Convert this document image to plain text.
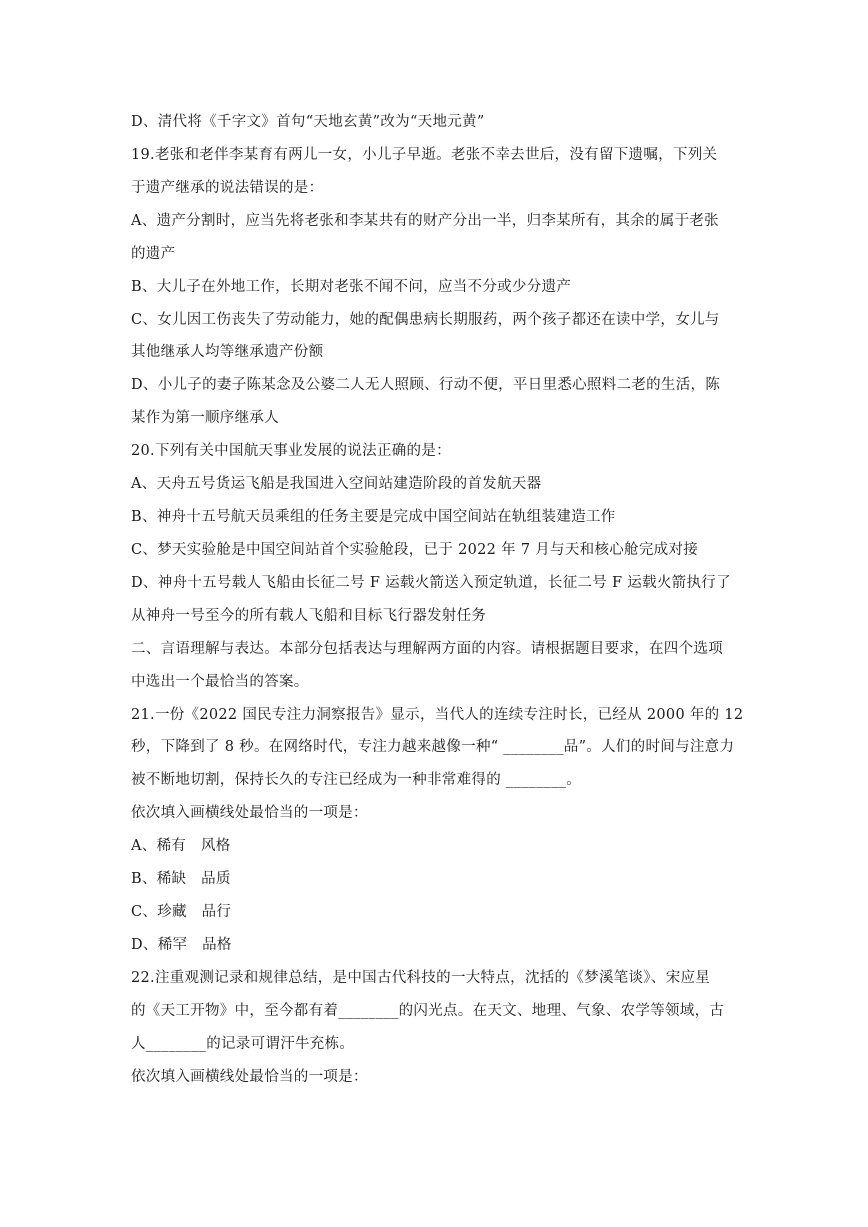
D、清代将《千字文》首句“天地玄黄”改为“天地元黄”
19.老张和老伴李某育有两儿一女，小儿子早逝。老张不幸去世后，没有留下遗嘱，下列关
于遗产继承的说法错误的是：
A、遗产分割时，应当先将老张和李某共有的财产分出一半，归李某所有，其余的属于老张
的遗产
B、大儿子在外地工作，长期对老张不闻不问，应当不分或少分遗产
C、女儿因工伤丧失了劳动能力，她的配偶患病长期服药，两个孩子都还在读中学，女儿与
其他继承人均等继承遗产份额
D、小儿子的妻子陈某念及公婆二人无人照顾、行动不便，平日里悉心照料二老的生活，陈
某作为第一顺序继承人
20.下列有关中国航天事业发展的说法正确的是：
A、天舟五号货运飞船是我国进入空间站建造阶段的首发航天器
B、神舟十五号航天员乘组的任务主要是完成中国空间站在轨组装建造工作
C、梦天实验舱是中国空间站首个实验舱段，已于 2022 年 7 月与天和核心舱完成对接
D、神舟十五号载人飞船由长征二号 F 运载火箭送入预定轨道，长征二号 F 运载火箭执行了
从神舟一号至今的所有载人飞船和目标飞行器发射任务
二、言语理解与表达。本部分包括表达与理解两方面的内容。请根据题目要求，在四个选项
中选出一个最恰当的答案。
21.一份《2022 国民专注力洞察报告》显示，当代人的连续专注时长，已经从 2000 年的 12
秒，下降到了 8 秒。在网络时代，专注力越来越像一种“ ________品”。人们的时间与注意力
被不断地切割，保持长久的专注已经成为一种非常难得的 ________。
依次填入画横线处最恰当的一项是：
A、稀有　风格
B、稀缺　品质
C、珍藏　品行
D、稀罕　品格
22.注重观测记录和规律总结，是中国古代科技的一大特点，沈括的《梦溪笔谈》、宋应星
的《天工开物》中，至今都有着________的闪光点。在天文、地理、气象、农学等领域，古
人________的记录可谓汗牛充栋。
依次填入画横线处最恰当的一项是：
